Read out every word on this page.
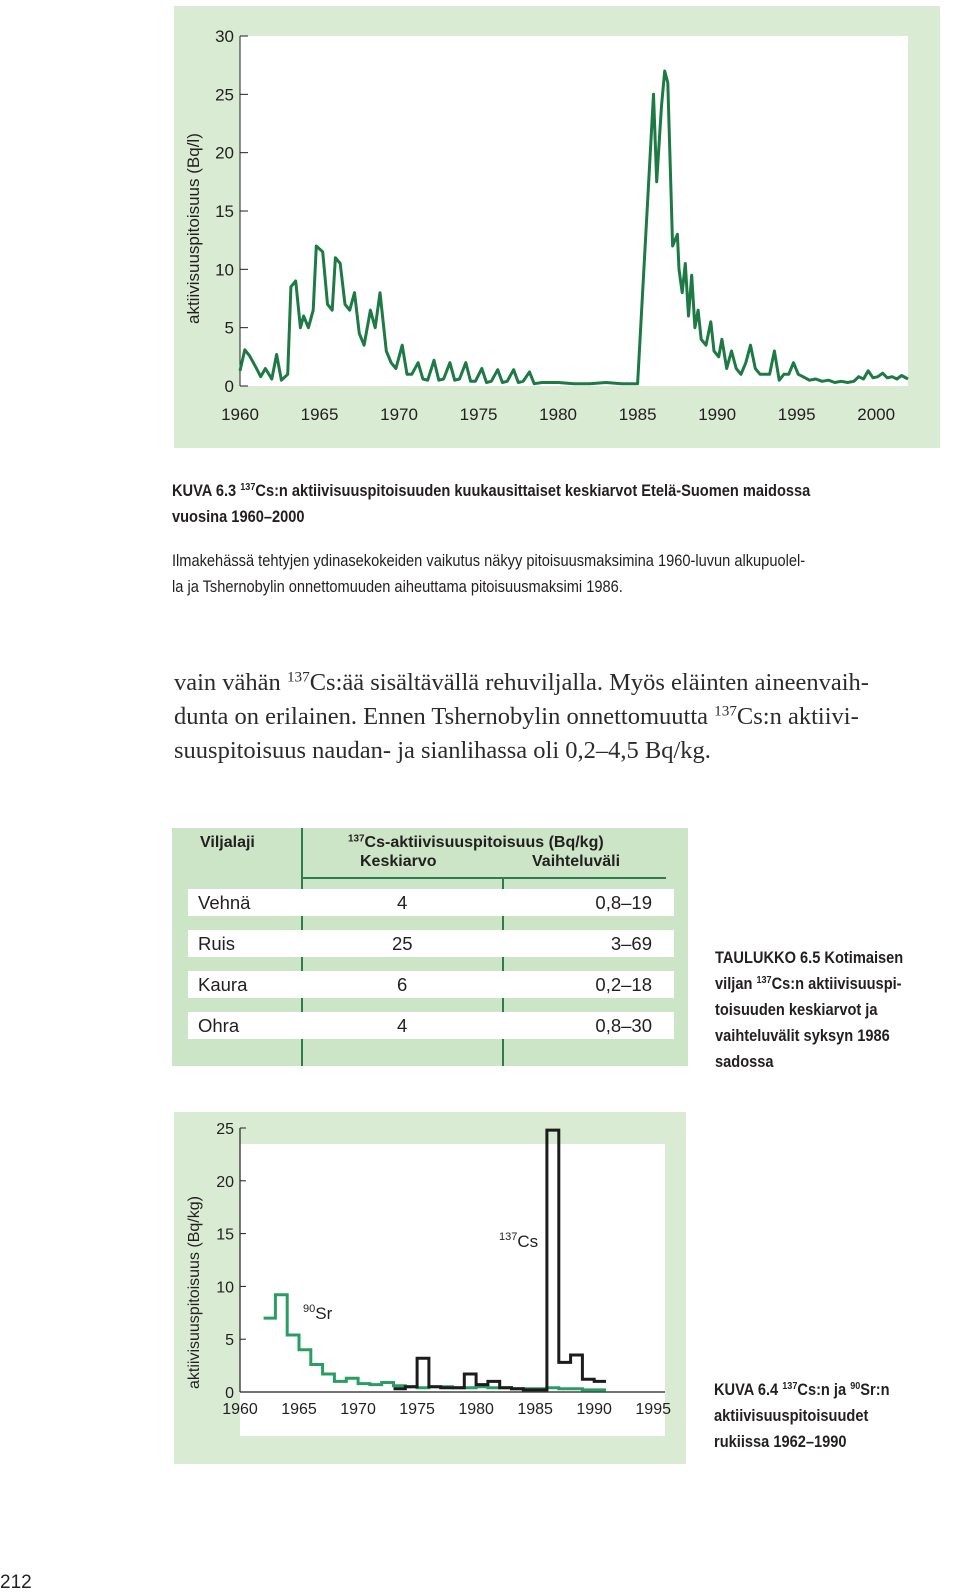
0
5
10
15
20
25
30
1960 1965 1970 1975 1980 1985 1990 1995 2000
aktiivisuuspitoisuus (Bq/l)
KUVA 6.3 $^{137}$Cs:n aktiivisuuspitoisuuden kuukausittaiset keskiarvot Etelä-Suomen maidossa
vuosina 1960–2000
Ilmakehässä tehtyjen ydinasekokeiden vaikutus näkyy pitoisuusmaksimina 1960-luvun alkupuolel-
la ja Tshernobylin onnettomuuden aiheuttama pitoisuusmaksimi 1986.
vain vähän $^{137}$Cs:ää sisältävällä rehuviljalla. Myös eläinten aineenvaih-
dunta on erilainen. Ennen Tshernobylin onnettomuutta $^{137}$Cs:n aktiivi-
suuspitoisuus naudan- ja sianlihassa oli 0,2–4,5 Bq/kg.
Viljalaji	$^{137}$Cs-aktiivisuuspitoisuus (Bq/kg)
Keskiarvo	Vaihteluväli
Vehnä	4	0,8–19
Ruis	25	3–69
Kaura	6	0,2–18
Ohra	4	0,8–30
TAULUKKO 6.5 Kotimaisen
viljan $^{137}$Cs:n aktiivisuuspi-
toisuuden keskiarvot ja
vaihteluvälit syksyn 1986
sadossa
0
5
10
15
20
25
1960 1965 1970 1975 1980 1985 1990 1995
aktiivisuuspitoisuus (Bq/kg)	$^{90}$Sr
$^{137}$Cs
KUVA 6.4 $^{137}$Cs:n ja $^{90}$Sr:n
aktiivisuuspitoisuudet
rukiissa 1962–1990
212
